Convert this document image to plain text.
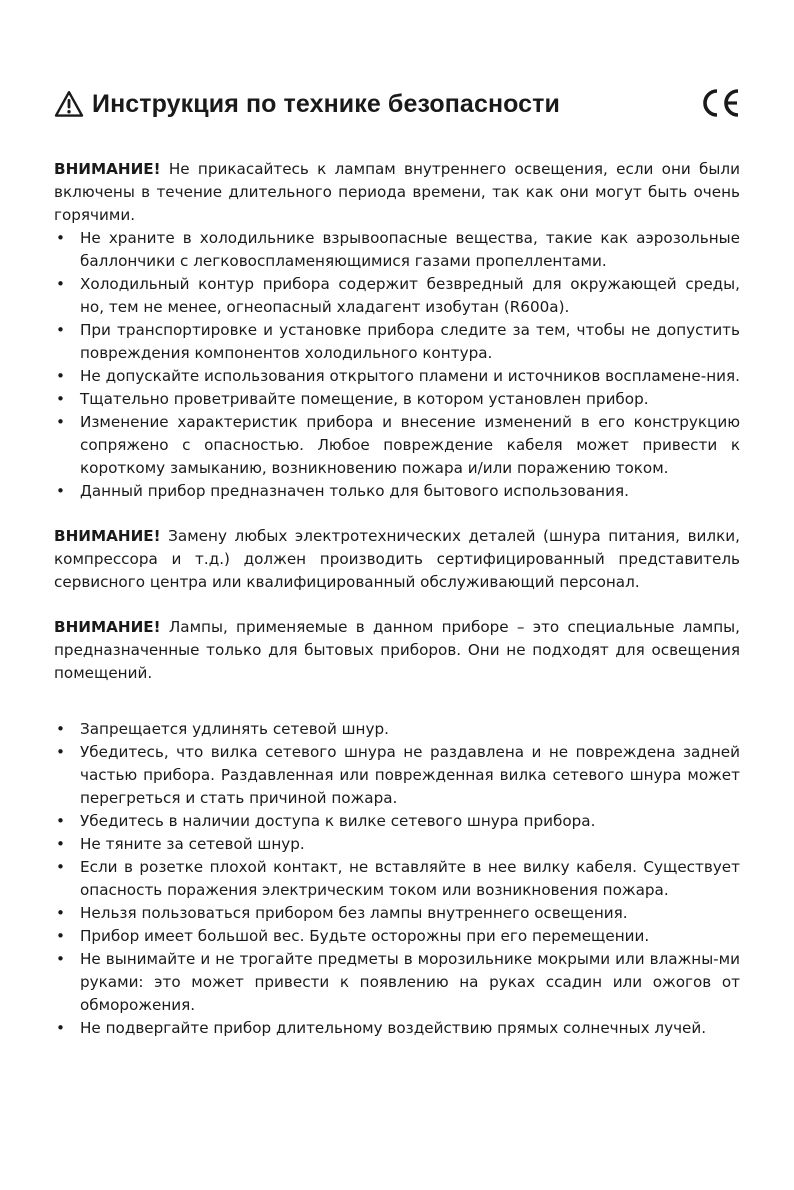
Инструкция по технике безопасности

ВНИМАНИЕ! Не прикасайтесь к лампам внутреннего освещения, если они были включены в течение длительного периода времени, так как они могут быть очень горячими.

• Не храните в холодильнике взрывоопасные вещества, такие как аэрозольные баллончики с легковоспламеняющимися газами пропеллентами.
• Холодильный контур прибора содержит безвредный для окружающей среды, но, тем не менее, огнеопасный хладагент изобутан (R600a).
• При транспортировке и установке прибора следите за тем, чтобы не допустить повреждения компонентов холодильного контура.
• Не допускайте использования открытого пламени и источников воспламене-ния.
• Тщательно проветривайте помещение, в котором установлен прибор.
• Изменение характеристик прибора и внесение изменений в его конструкцию сопряжено с опасностью. Любое повреждение кабеля может привести к короткому замыканию, возникновению пожара и/или поражению током.
• Данный прибор предназначен только для бытового использования.

ВНИМАНИЕ! Замену любых электротехнических деталей (шнура питания, вилки, компрессора и т.д.) должен производить сертифицированный представитель сервисного центра или квалифицированный обслуживающий персонал.

ВНИМАНИЕ! Лампы, применяемые в данном приборе – это специальные лампы, предназначенные только для бытовых приборов. Они не подходят для освещения помещений.

• Запрещается удлинять сетевой шнур.
• Убедитесь, что вилка сетевого шнура не раздавлена и не повреждена задней частью прибора. Раздавленная или поврежденная вилка сетевого шнура может перегреться и стать причиной пожара.
• Убедитесь в наличии доступа к вилке сетевого шнура прибора.
• Не тяните за сетевой шнур.
• Если в розетке плохой контакт, не вставляйте в нее вилку кабеля. Существует опасность поражения электрическим током или возникновения пожара.
• Нельзя пользоваться прибором без лампы внутреннего освещения.
• Прибор имеет большой вес. Будьте осторожны при его перемещении.
• Не вынимайте и не трогайте предметы в морозильнике мокрыми или влажны-ми руками: это может привести к появлению на руках ссадин или ожогов от обморожения.
• Не подвергайте прибор длительному воздействию прямых солнечных лучей.
